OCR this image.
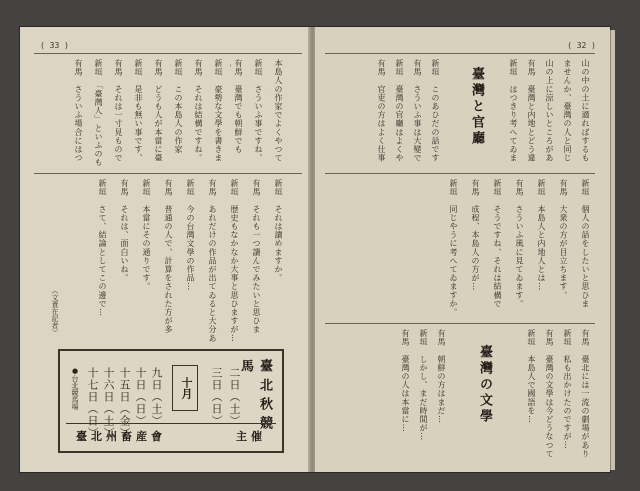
( 33 )
本島人の作家でよくやつて
新垣　さういふ事ですね、
有馬　臺灣でも朝鮮でも
新垣　豪勢な文學を書きま
有馬　それは結構ですね。
新垣　この本島人の作家
有馬　どうも人が本當に臺
新垣　是非も無い事です、
有馬　それは一寸見もので
新垣　「臺灣人」といふのも
有馬　さういふ場合にはつ
新垣　それは讀めますか。
有馬　それも一つ讀んでみたいと思ひま
新垣　歴史もなかなか大事と思ひますが…
有馬　あれだけの作品が出てゐると大分あ
新垣　今の台灣文學の作品…
有馬　普通の人で、計算をされた方が多
新垣　本當にその通りです。
有馬　それは、面白いね。
新垣　さて、結論としてこの邊で…
（文責在記者）
臺北秋競馬
十月	二日（土）
三日（日）
九日（土）
十日（日）
十五日（金）
十六日（土）
十七日（日）
●台北競馬場
臺北州畜産會	主催
( 32 )
山の中の土に適ればするも
ませんか、臺灣の人と同じ
山の上に涼しいところがあ
有馬　臺灣と内地とどう違
新垣　はつきり考へてゐま
臺灣と官廳
新垣　このあひだの話です
有馬　さういふ事は大變で
新垣　臺灣の官廳はよくや
有馬　官吏の方はよく仕事
新垣　個人の話をしたいと思ひま
有馬　大衆の方が目立ちます。
新垣　本島人と内地人とは…
有馬　さういふ風に見てゐます。
新垣　そうですね、それは結構で
有馬　成程、本島人の方が…
新垣　同じやうに考へてゐますか。
有馬　臺北には一流の劇場があり
新垣　私も出かけたのですが…
有馬　臺灣の文學は今どうなつて
新垣　本島人で國語を…
臺灣の文學
有馬　朝鮮の方はまだ…
新垣　しかし、まだ時間が…
有馬　臺灣の人は本當に…
